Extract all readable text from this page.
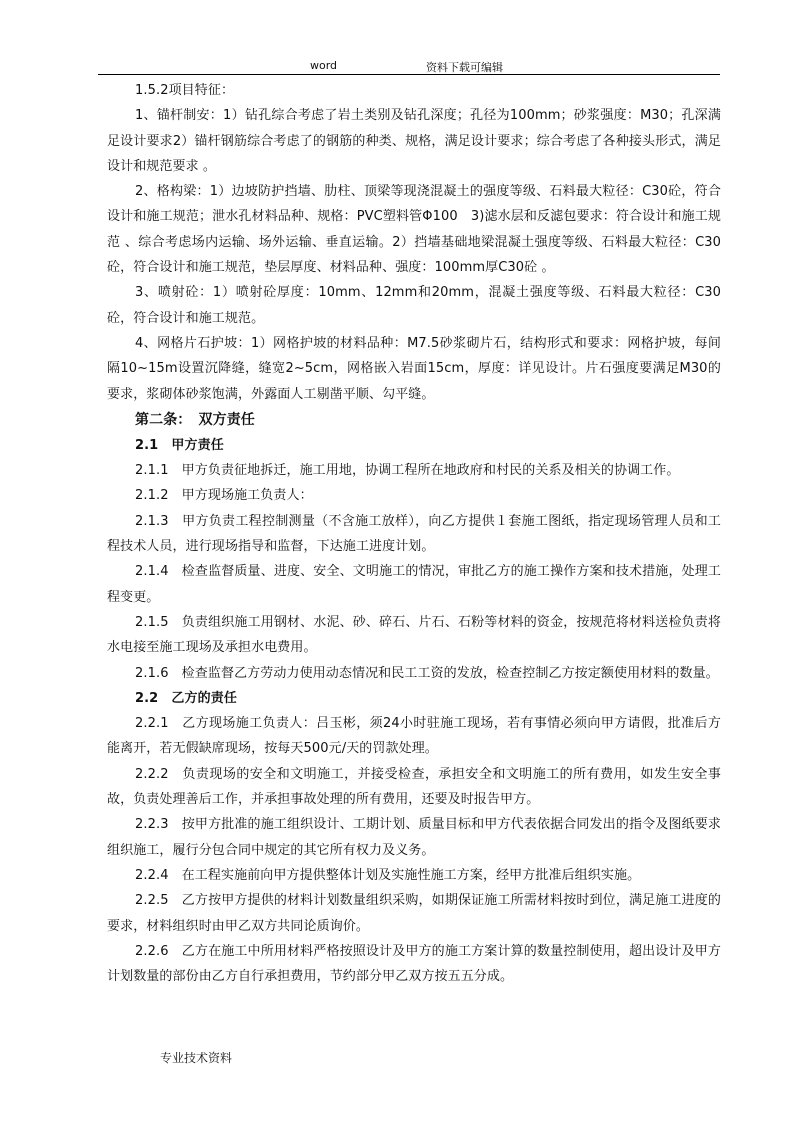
word	资料下载可编辑

1.5.2项目特征：

1、锚杆制安：1）钻孔综合考虑了岩土类别及钻孔深度；孔径为100mm；砂浆强度：M30；孔深满足设计要求2）锚杆钢筋综合考虑了的钢筋的种类、规格，满足设计要求；综合考虑了各种接头形式，满足设计和规范要求 。

2、格构梁：1）边坡防护挡墙、肋柱、顶梁等现浇混凝土的强度等级、石料最大粒径：C30砼，符合设计和施工规范；泄水孔材料品种、规格：PVC塑料管Φ100　3)滤水层和反滤包要求：符合设计和施工规范 、综合考虑场内运输、场外运输、垂直运输。2）挡墙基础地梁混凝土强度等级、石料最大粒径：C30砼，符合设计和施工规范，垫层厚度、材料品种、强度：100mm厚C30砼 。

3、喷射砼：1）喷射砼厚度：10mm、12mm和20mm，混凝土强度等级、石料最大粒径：C30砼，符合设计和施工规范。

4、网格片石护坡：1）网格护坡的材料品种：M7.5砂浆砌片石，结构形式和要求：网格护坡，每间隔10~15m设置沉降缝，缝宽2~5cm，网格嵌入岩面15cm，厚度：详见设计。片石强度要满足M30的要求，浆砌体砂浆饱满，外露面人工剔凿平顺、勾平缝。

第二条：　双方责任

2.1　甲方责任

2.1.1　甲方负责征地拆迁，施工用地，协调工程所在地政府和村民的关系及相关的协调工作。

2.1.2　甲方现场施工负责人：

2.1.3　甲方负责工程控制测量（不含施工放样），向乙方提供１套施工图纸，指定现场管理人员和工程技术人员，进行现场指导和监督，下达施工进度计划。

2.1.4　检查监督质量、进度、安全、文明施工的情况，审批乙方的施工操作方案和技术措施，处理工程变更。

2.1.5　负责组织施工用钢材、水泥、砂、碎石、片石、石粉等材料的资金，按规范将材料送检负责将水电接至施工现场及承担水电费用。

2.1.6　检查监督乙方劳动力使用动态情况和民工工资的发放，检查控制乙方按定额使用材料的数量。

2.2　乙方的责任

2.2.1　乙方现场施工负责人：吕玉彬，须24小时驻施工现场，若有事情必须向甲方请假，批准后方能离开，若无假缺席现场，按每天500元/天的罚款处理。

2.2.2　负责现场的安全和文明施工，并接受检查，承担安全和文明施工的所有费用，如发生安全事故，负责处理善后工作，并承担事故处理的所有费用，还要及时报告甲方。

2.2.3　按甲方批准的施工组织设计、工期计划、质量目标和甲方代表依据合同发出的指令及图纸要求组织施工，履行分包合同中规定的其它所有权力及义务。

2.2.4　在工程实施前向甲方提供整体计划及实施性施工方案，经甲方批准后组织实施。

2.2.5　乙方按甲方提供的材料计划数量组织采购，如期保证施工所需材料按时到位，满足施工进度的要求，材料组织时由甲乙双方共同论质询价。

2.2.6　乙方在施工中所用材料严格按照设计及甲方的施工方案计算的数量控制使用，超出设计及甲方计划数量的部份由乙方自行承担费用，节约部分甲乙双方按五五分成。

专业技术资料
